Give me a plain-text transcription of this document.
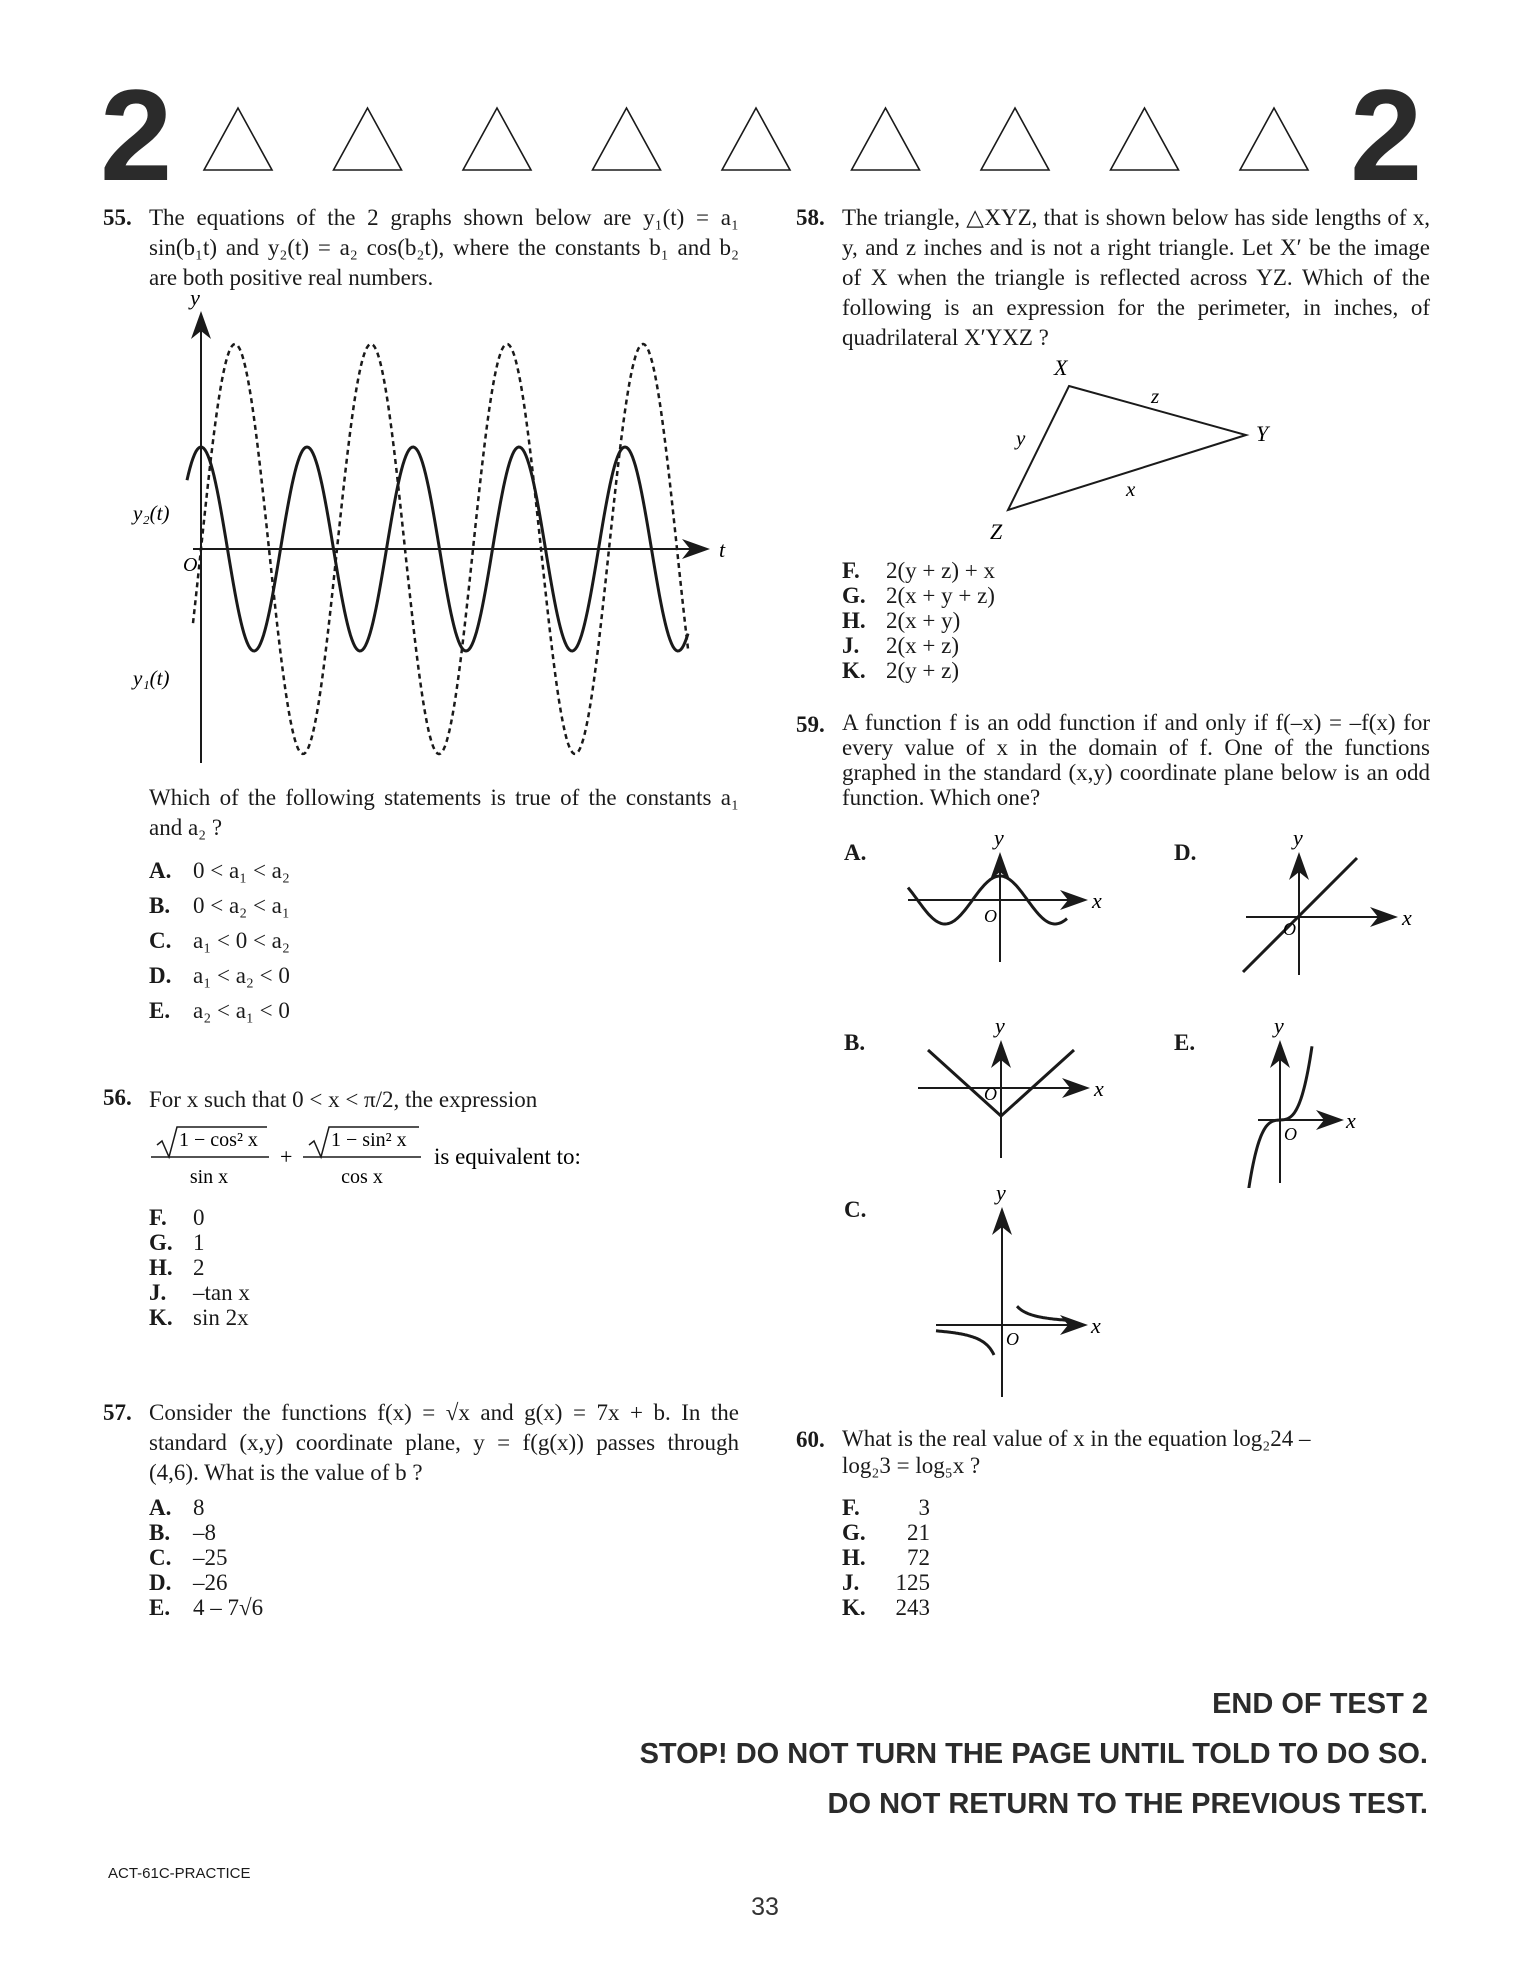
2	2
55. The equations of the 2 graphs shown below are y₁(t) = a₁ sin(b₁t) and y₂(t) = a₂ cos(b₂t), where the constants b₁ and b₂ are both positive real numbers.
y
t
O
y₂(t)
y₁(t)
Which of the following statements is true of the constants a₁ and a₂ ?
A. 0 < a₁ < a₂
B. 0 < a₂ < a₁
C. a₁ < 0 < a₂
D. a₁ < a₂ < 0
E. a₂ < a₁ < 0
56. For x such that 0 < x < π/2, the expression
1 − cos² x
sin x
+
1 − sin² x
cos x
is equivalent to:
F. 0
G. 1
H. 2
J. –tan x
K. sin 2x
57. Consider the functions f(x) = √x and g(x) = 7x + b. In the standard (x,y) coordinate plane, y = f(g(x)) passes through (4,6). What is the value of b ?
A. 8
B. –8
C. –25
D. –26
E. 4 – 7√6
58. The triangle, △XYZ, that is shown below has side lengths of x, y, and z inches and is not a right triangle. Let X′ be the image of X when the triangle is reflected across YZ. Which of the following is an expression for the perimeter, in inches, of quadrilateral X′YXZ ?
X
Y
Z
z
y
x
F. 2(y + z) + x
G. 2(x + y + z)
H. 2(x + y)
J. 2(x + z)
K. 2(y + z)
59. A function f is an odd function if and only if f(–x) = –f(x) for every value of x in the domain of f. One of the functions graphed in the standard (x,y) coordinate plane below is an odd function. Which one?
A.
y
x
O
B.
y
x
O
C.
y
x
O
D.
y
x
O
E.
y
x
O
60. What is the real value of x in the equation log₂24 – log₂3 = log₅x ?
F.	3
G. 21
H. 72
J. 125
K. 243
END OF TEST 2
STOP! DO NOT TURN THE PAGE UNTIL TOLD TO DO SO.
DO NOT RETURN TO THE PREVIOUS TEST.
ACT-61C-PRACTICE
33
